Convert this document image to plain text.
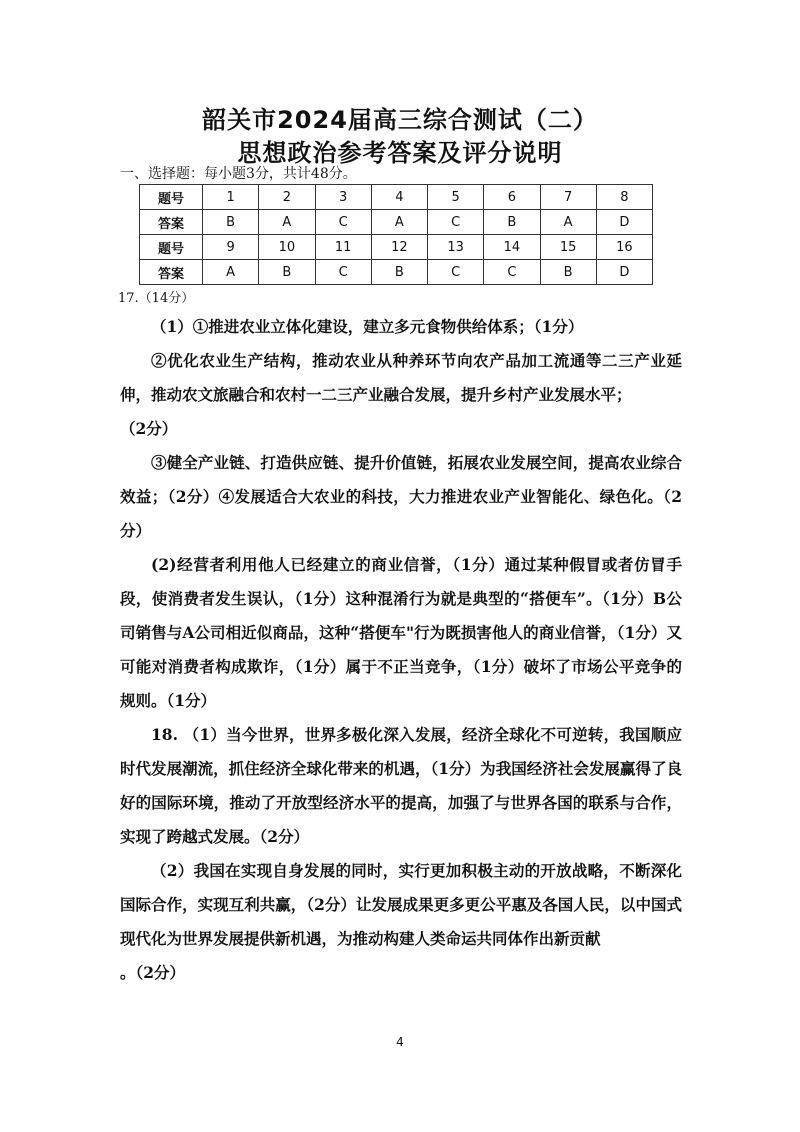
韶关市2024届高三综合测试（二）
思想政治参考答案及评分说明
一、选择题：每小题3分，共计48分。
题号	1	2	3	4	5	6	7	8
答案	B	A	C	A	C	B	A	D
题号	9	10	11	12	13	14	15	16
答案	A	B	C	B	C	C	B	D
17.（14分）

（1）①推进农业立体化建设，建立多元食物供给体系；（1分）

②优化农业生产结构，推动农业从种养环节向农产品加工流通等二三产业延伸，推动农文旅融合和农村一二三产业融合发展，提升乡村产业发展水平；

（2分）

③健全产业链、打造供应链、提升价值链，拓展农业发展空间，提高农业综合效益；（2分）④发展适合大农业的科技，大力推进农业产业智能化、绿色化。（2分）

(2)经营者利用他人已经建立的商业信誉，（1分）通过某种假冒或者仿冒手段，使消费者发生误认，（1分）这种混淆行为就是典型的“搭便车”。（1分）B公司销售与A公司相近似商品，这种“搭便车"行为既损害他人的商业信誉，（1分）又可能对消费者构成欺诈，（1分）属于不正当竞争，（1分）破坏了市场公平竞争的规则。（1分）

18. （1）当今世界，世界多极化深入发展，经济全球化不可逆转，我国顺应时代发展潮流，抓住经济全球化带来的机遇，（1分）为我国经济社会发展赢得了良好的国际环境，推动了开放型经济水平的提高，加强了与世界各国的联系与合作，实现了跨越式发展。（2分）

（2）我国在实现自身发展的同时，实行更加积极主动的开放战略，不断深化国际合作，实现互利共赢，（2分）让发展成果更多更公平惠及各国人民，以中国式现代化为世界发展提供新机遇，为推动构建人类命运共同体作出新贡献

。（2分）

4
